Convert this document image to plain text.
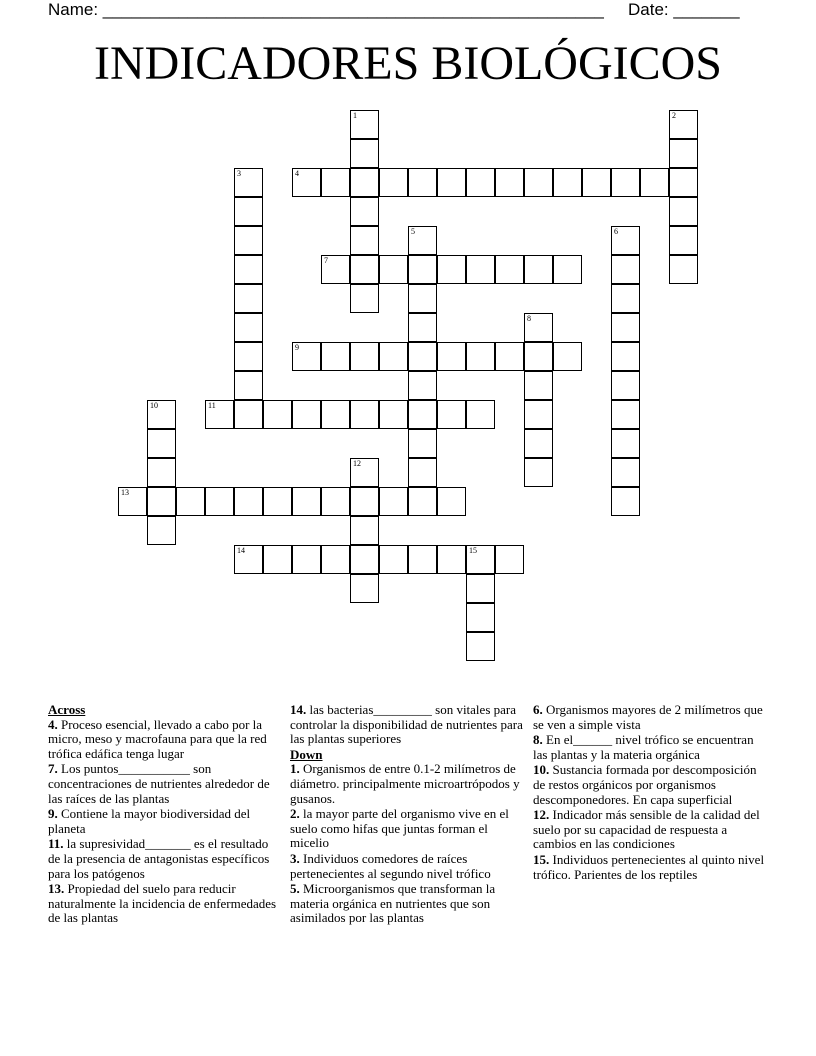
Name: _____________________________________________________ Date: _______
INDICADORES BIOLÓGICOS
1	2
3	4
5	6
7
8
9
10	11
12
13
14	15
Across
4. Proceso esencial, llevado a cabo por la micro, meso y macrofauna para que la red trófica edáfica tenga lugar
7. Los puntos___________ son concentraciones de nutrientes alrededor de las raíces de las plantas
9. Contiene la mayor biodiversidad del planeta
11. la supresividad_______ es el resultado de la presencia de antagonistas específicos para los patógenos
13. Propiedad del suelo para reducir naturalmente la incidencia de enfermedades de las plantas
14. las bacterias_________ son vitales para controlar la disponibilidad de nutrientes para las plantas superiores
Down
1. Organismos de entre 0.1-2 milímetros de diámetro. principalmente microartrópodos y gusanos.
2. la mayor parte del organismo vive en el suelo como hifas que juntas forman el micelio
3. Individuos comedores de raíces pertenecientes al segundo nivel trófico
5. Microorganismos que transforman la materia orgánica en nutrientes que son asimilados por las plantas
6. Organismos mayores de 2 milímetros que se ven a simple vista
8. En el______ nivel trófico se encuentran las plantas y la materia orgánica
10. Sustancia formada por descomposición de restos orgánicos por organismos descomponedores. En capa superficial
12. Indicador más sensible de la calidad del suelo por su capacidad de respuesta a cambios en las condiciones
15. Individuos pertenecientes al quinto nivel trófico. Parientes de los reptiles
